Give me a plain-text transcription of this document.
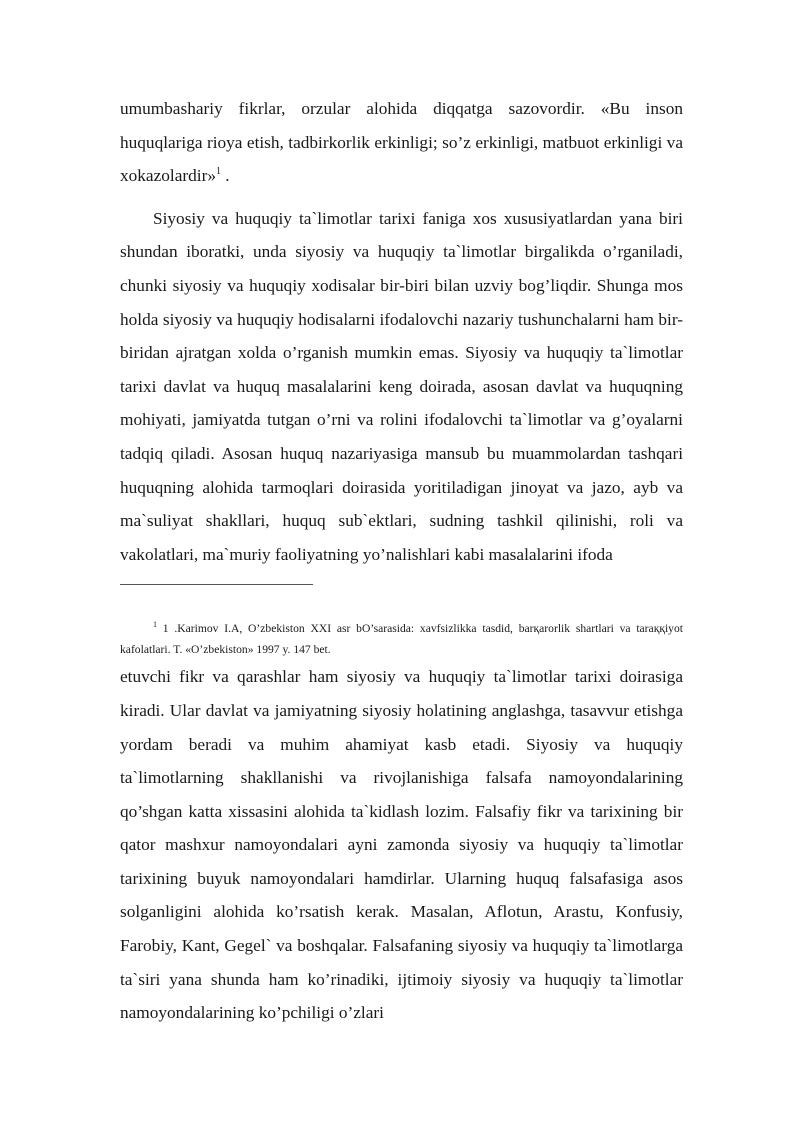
umumbashariy fikrlar, orzular alohida diqqatga sazovordir. «Bu inson huquqlariga rioya etish, tadbirkorlik erkinligi; so’z erkinligi, matbuot erkinligi va xokazolardir»$^1$ .

Siyosiy va huquqiy ta`limotlar tarixi faniga xos xususiyatlardan yana biri shundan iboratki, unda siyosiy va huquqiy ta`limotlar birgalikda o’rganiladi, chunki siyosiy va huquqiy xodisalar bir-biri bilan uzviy bog’liqdir. Shunga mos holda siyosiy va huquqiy hodisalarni ifodalovchi nazariy tushunchalarni ham bir-biridan ajratgan xolda o’rganish mumkin emas. Siyosiy va huquqiy ta`limotlar tarixi davlat va huquq masalalarini keng doirada, asosan davlat va huquqning mohiyati, jamiyatda tutgan o’rni va rolini ifodalovchi ta`limotlar va g’oyalarni tadqiq qiladi. Asosan huquq nazariyasiga mansub bu muammolardan tashqari huquqning alohida tarmoqlari doirasida yoritiladigan jinoyat va jazo, ayb va ma`suliyat shakllari, huquq sub`ektlari, sudning tashkil qilinishi, roli va vakolatlari, ma`muriy faoliyatning yo’nalishlari kabi masalalarini ifoda

$^1$ 1 .Karimov I.A, O’zbekiston XXI asr bO’sarasida: xavfsizlikka tasdid, barқarorlik shartlari va taraққiyot kafolatlari. T. «O’zbekiston» 1997 y. 147 bet.

etuvchi fikr va qarashlar ham siyosiy va huquqiy ta`limotlar tarixi doirasiga kiradi. Ular davlat va jamiyatning siyosiy holatining anglashga, tasavvur etishga yordam beradi va muhim ahamiyat kasb etadi. Siyosiy va huquqiy ta`limotlarning shakllanishi va rivojlanishiga falsafa namoyondalarining qo’shgan katta xissasini alohida ta`kidlash lozim. Falsafiy fikr va tarixining bir qator mashxur namoyondalari ayni zamonda siyosiy va huquqiy ta`limotlar tarixining buyuk namoyondalari hamdirlar. Ularning huquq falsafasiga asos solganligini alohida ko’rsatish kerak. Masalan, Aflotun, Arastu, Konfusiy, Farobiy, Kant, Gegel` va boshqalar. Falsafaning siyosiy va huquqiy ta`limotlarga ta`siri yana shunda ham ko’rinadiki, ijtimoiy siyosiy va huquqiy ta`limotlar namoyondalarining ko’pchiligi o’zlari
